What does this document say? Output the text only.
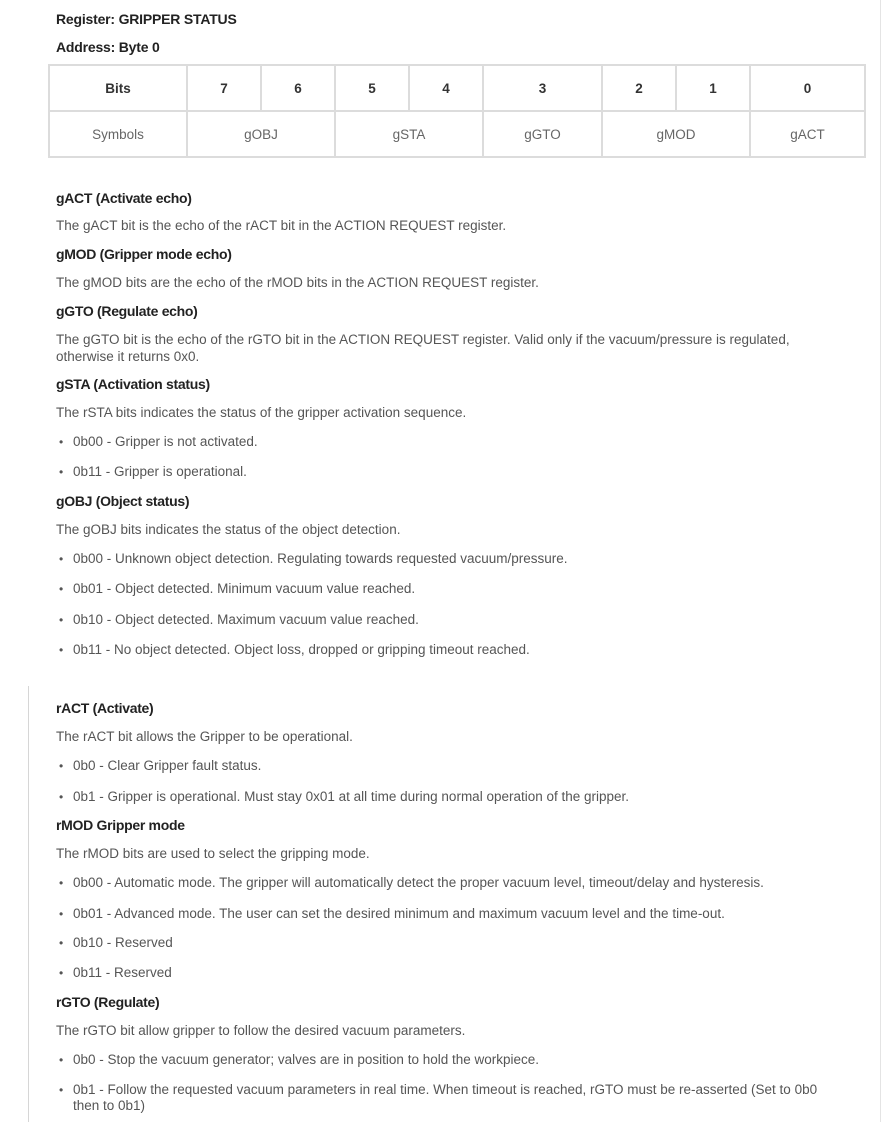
Register: GRIPPER STATUS
Address: Byte 0
Bits	7	6	5	4	3	2	1	0
Symbols	gOBJ		gSTA		gGTO	gMOD		gACT
gACT (Activate echo)

The gACT bit is the echo of the rACT bit in the ACTION REQUEST register.

gMOD (Gripper mode echo)

The gMOD bits are the echo of the rMOD bits in the ACTION REQUEST register.

gGTO (Regulate echo)

The gGTO bit is the echo of the rGTO bit in the ACTION REQUEST register. Valid only if the vacuum/pressure is regulated, otherwise it returns 0x0.

gSTA (Activation status)

The rSTA bits indicates the status of the gripper activation sequence.

• 0b00 - Gripper is not activated.
• 0b11 - Gripper is operational.
gOBJ (Object status)

The gOBJ bits indicates the status of the object detection.

• 0b00 - Unknown object detection. Regulating towards requested vacuum/pressure.
• 0b01 - Object detected. Minimum vacuum value reached.
• 0b10 - Object detected. Maximum vacuum value reached.
• 0b11 - No object detected. Object loss, dropped or gripping timeout reached.
rACT (Activate)

The rACT bit allows the Gripper to be operational.

• 0b0 - Clear Gripper fault status.
• 0b1 - Gripper is operational. Must stay 0x01 at all time during normal operation of the gripper.
rMOD Gripper mode

The rMOD bits are used to select the gripping mode.

• 0b00 - Automatic mode. The gripper will automatically detect the proper vacuum level, timeout/delay and hysteresis.
• 0b01 - Advanced mode. The user can set the desired minimum and maximum vacuum level and the time-out.
• 0b10 - Reserved
• 0b11 - Reserved
rGTO (Regulate)

The rGTO bit allow gripper to follow the desired vacuum parameters.

• 0b0 - Stop the vacuum generator; valves are in position to hold the workpiece.
• 0b1 - Follow the requested vacuum parameters in real time. When timeout is reached, rGTO must be re-asserted (Set to 0b0 then to 0b1)
